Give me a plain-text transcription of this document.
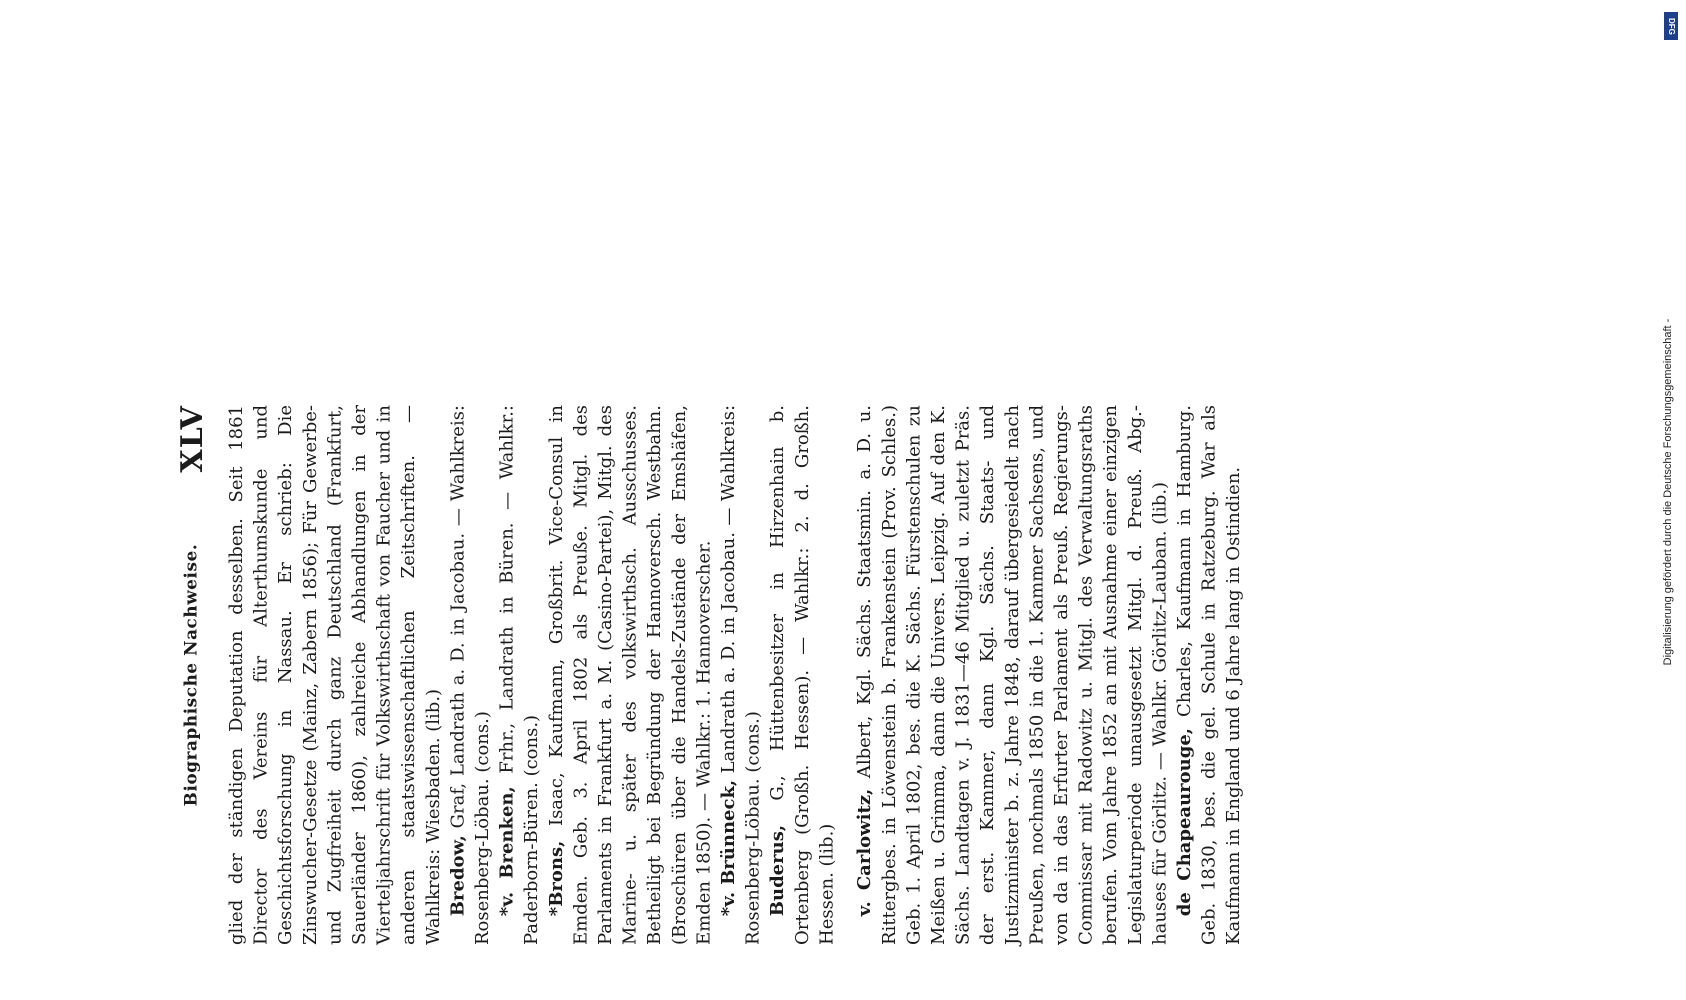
Biographische Nachweise.
XLV glied der ständigen Deputation desselben. Seit 1861 Director des Vereins für Alterthumskunde und Geschichtsforschung in Nassau. Er schrieb: Die Zinswucher-Gesetze (Mainz, Zabern 1856); Für Gewerbe- und Zugfreiheit durch ganz Deutschland (Frankfurt, Sauerländer 1860), zahlreiche Abhandlungen in der Vierteljahrschrift für Volkswirthschaft von Faucher und in anderen staatswissenschaftlichen Zeitschriften. — Wahlkreis: Wiesbaden. (lib.) Bredow, Graf, Landrath a. D. in Jacobau. — Wahlkreis: Rosenberg-Löbau. (cons.) *v. Brenken, Frhr., Landrath in Büren. — Wahlkr.: Paderborn-Büren. (cons.) *Brons, Isaac, Kaufmann, Großbrit. Vice-Consul in Emden. Geb. 3. April 1802 als Preuße. Mitgl. des Parlaments in Frankfurt a. M. (Casino-Partei), Mitgl. des Marine- u. später des volkswirthsch. Ausschusses. Betheiligt bei Begründung der Hannoversch. Westbahn. (Broschüren über die Handels-Zustände der Emshäfen, Emden 1850). — Wahlkr.: 1. Hannoverscher. *v. Brünneck, Landrath a. D. in Jacobau. — Wahlkreis: Rosenberg-Löbau. (cons.) Buderus, G., Hüttenbesitzer in Hirzenhain b. Ortenberg (Großh. Hessen). — Wahlkr.: 2. d. Großh. Hessen. (lib.) v. Carlowitz, Albert, Kgl. Sächs. Staatsmin. a. D. u. Rittergbes. in Löwenstein b. Frankenstein (Prov. Schles.) Geb. 1. April 1802, bes. die K. Sächs. Fürstenschulen zu Meißen u. Grimma, dann die Univers. Leipzig. Auf den K. Sächs. Landtagen v. J. 1831—46 Mitglied u. zuletzt Präs. der erst. Kammer, dann Kgl. Sächs. Staats- und Justizminister b. z. Jahre 1848, darauf übergesiedelt nach Preußen, nochmals 1850 in die 1. Kammer Sachsens, und von da in das Erfurter Parlament als Preuß. Regierungs-Commissar mit Radowitz u. Mitgl. des Verwaltungsraths berufen. Vom Jahre 1852 an mit Ausnahme einer einzigen Legislaturperiode unausgesetzt Mitgl. d. Preuß. Abg.-hauses für Görlitz. — Wahlkr. Görlitz-Lauban. (lib.) de Chapeaurouge, Charles, Kaufmann in Hamburg. Geb. 1830, bes. die gel. Schule in Ratzeburg. War als Kaufmann in England und 6 Jahre lang in Ostindien.

DFG
Digitalisierung gefördert durch die Deutsche Forschungsgemeinschaft -
